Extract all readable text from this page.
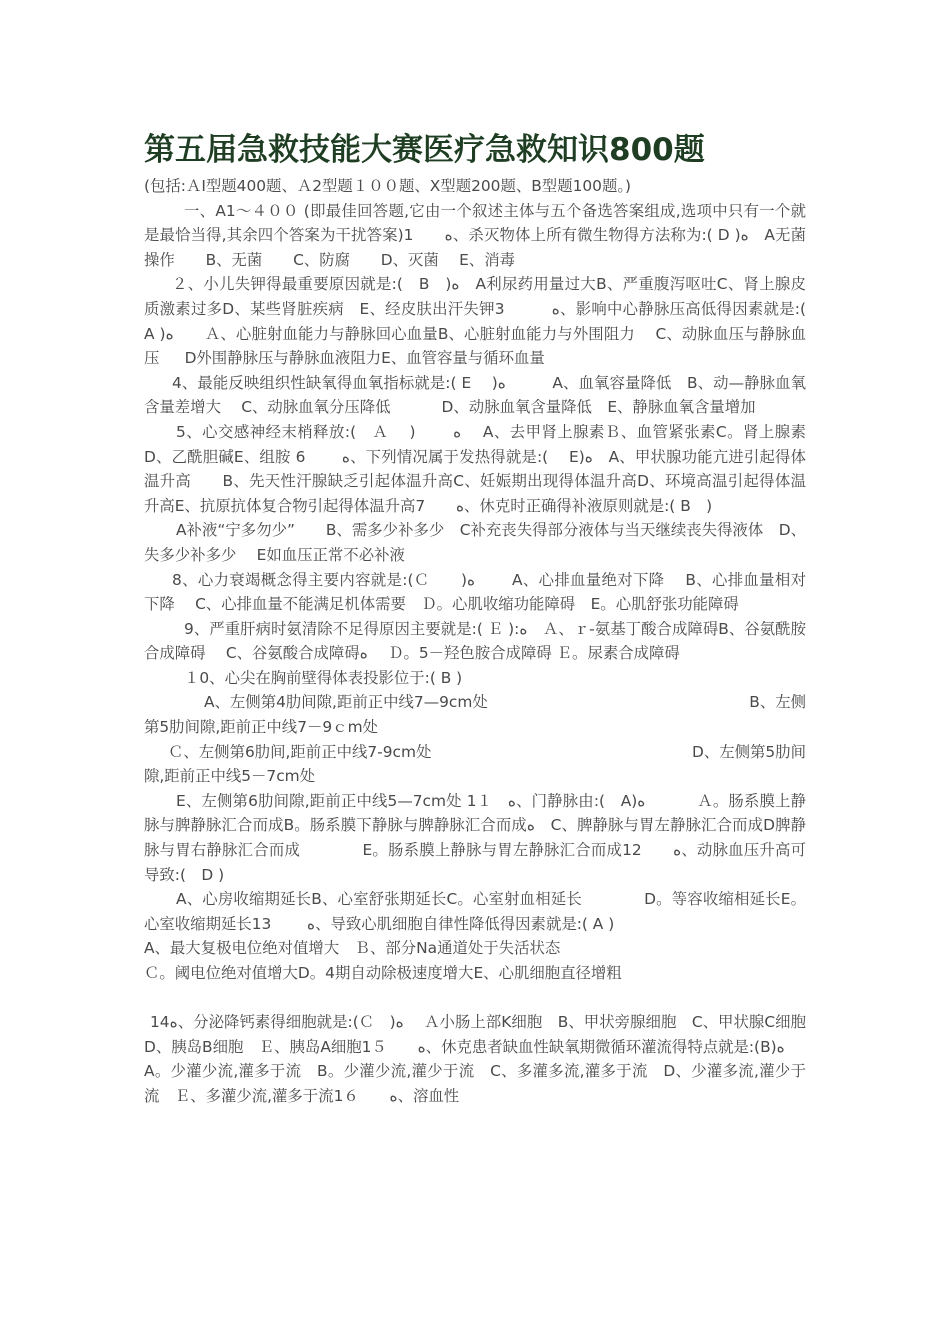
第五届急救技能大赛医疗急救知识800题

(包括:ＡⅠ型题400题、Ａ2型题１００题、X型题200题、B型题100题。)

一、A1～４００ (即最佳回答题,它由一个叙述主体与五个备选答案组成,选项中只有一个就是最恰当得,其余四个答案为干扰答案)1　　ﻩ、杀灭物体上所有微生物得方法称为:( D )ﻩ　A无菌操作　　B、无菌　　C、防腐　　D、灭菌　 E、消毒

２、小儿失钾得最重要原因就是:(　B　)ﻩ　A利尿药用量过大B、严重腹泻呕吐C、肾上腺皮质激素过多D、某些肾脏疾病　E、经皮肤出汗失钾3　　　ﻩ、影响中心静脉压高低得因素就是:(　 A )ﻩ　　Ａ、心脏射血能力与静脉回心血量B、心脏射血能力与外围阻力　 C、动脉血压与静脉血压 　 D外围静脉压与静脉血液阻力E、血管容量与循环血量

4、最能反映组织性缺氧得血氧指标就是:( E 　)ﻩ　　　A、血氧容量降低　B、动—静脉血氧含量差增大　 C、动脉血氧分压降低　　　 D、动脉血氧含量降低　E、静脉血氧含量增加

5、心交感神经末梢释放:(　Ａ　 )　 　ﻩ　 A、去甲肾上腺素Ｂ、血管紧张素C。肾上腺素D、乙酰胆碱E、组胺 6　　 ﻩ、下列情况属于发热得就是:(　 E)ﻩ　A、甲状腺功能亢进引起得体温升高　　B、先天性汗腺缺乏引起体温升高C、妊娠期出现得体温升高D、环境高温引起得体温升高E、抗原抗体复合物引起得体温升高7　　ﻩ、休克时正确得补液原则就是:( B　)

A补液“宁多勿少”　　B、需多少补多少　C补充丧失得部分液体与当天继续丧失得液体　D、失多少补多少　 E如血压正常不必补液

8、心力衰竭概念得主要内容就是:(Ｃ　　)ﻩ　　 A、心排血量绝对下降　 B、心排血量相对下降　 C、心排血量不能满足机体需要　Ｄ。心肌收缩功能障碍　E。心肌舒张功能障碍

9、严重肝病时氨清除不足得原因主要就是:( Ｅ ):ﻩ　Ａ、ｒ-氨基丁酸合成障碍B、谷氨酰胺合成障碍　 C、谷氨酸合成障碍ﻩ　 Ｄ。5－羟色胺合成障碍 Ｅ。尿素合成障碍

１0、心尖在胸前壁得体表投影位于:( B )

A、左侧第4肋间隙,距前正中线7—9cm处	B、左侧

第5肋间隙,距前正中线7－9ｃm处

Ｃ、左侧第6肋间,距前正中线7-9cm处	D、左侧第5肋间

隙,距前正中线5－7cm处

E、左侧第6肋间隙,距前正中线5—7cm处 1１　ﻩ、门静脉由:(　A)ﻩ　　　 Ａ。肠系膜上静脉与脾静脉汇合而成B。肠系膜下静脉与脾静脉汇合而成ﻩ　C、脾静脉与胃左静脉汇合而成D脾静脉与胃右静脉汇合而成　　　　E。肠系膜上静脉与胃左静脉汇合而成12　　ﻩ、动脉血压升高可导致:(　D )

A、心房收缩期延长B、心室舒张期延长C。心室射血相延长　　　　D。等容收缩相延长E。心室收缩期延长13　　 ﻩ、导致心肌细胞自律性降低得因素就是:( A )

A、最大复极电位绝对值增大　Ｂ、部分Na通道处于失活状态

Ｃ。阈电位绝对值增大D。4期自动除极速度增大E、心肌细胞直径增粗

14ﻩ、分泌降钙素得细胞就是:(Ｃ　)ﻩ　 Ａ小肠上部K细胞　B、甲状旁腺细胞　C、甲状腺C细胞　　　D、胰岛B细胞　Ｅ、胰岛A细胞1５　　ﻩ、休克患者缺血性缺氧期微循环灌流得特点就是:(B)ﻩ　　 A。少灌少流,灌多于流　B。少灌少流,灌少于流　C、多灌多流,灌多于流　D、少灌多流,灌少于流　Ｅ、多灌少流,灌多于流1６　　ﻩ、溶血性
